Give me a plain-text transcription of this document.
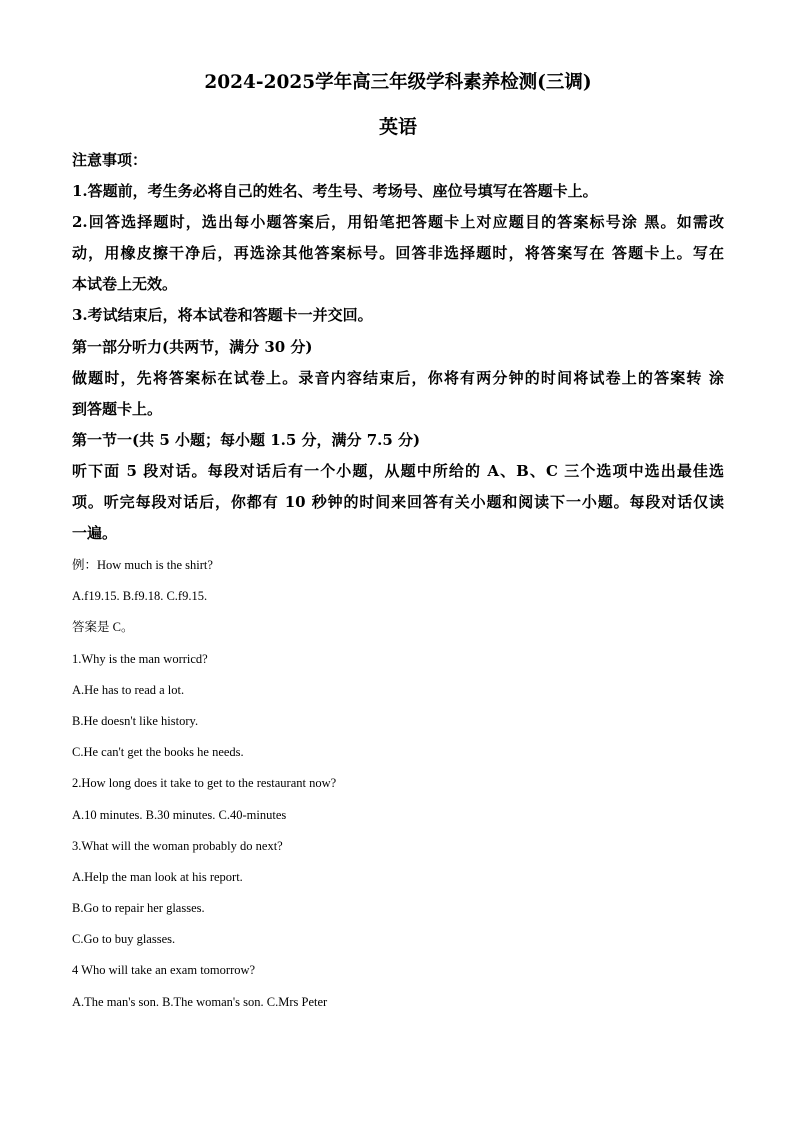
2024-2025学年高三年级学科素养检测(三调)
英语
注意事项：
1.答题前，考生务必将自己的姓名、考生号、考场号、座位号填写在答题卡上。
2.回答选择题时，选出每小题答案后，用铅笔把答题卡上对应题目的答案标号涂 黑。如需改
动，用橡皮擦干净后，再选涂其他答案标号。回答非选择题时，将答案写在 答题卡上。写在
本试卷上无效。
3.考试结束后，将本试卷和答题卡一并交回。
第一部分听力(共两节，满分 30 分)
做题时，先将答案标在试卷上。录音内容结束后，你将有两分钟的时间将试卷上的答案转 涂
到答题卡上。
第一节一(共 5 小题；每小题 1.5 分，满分 7.5 分)
听下面 5 段对话。每段对话后有一个小题，从题中所给的 A、B、C 三个选项中选出最佳选
项。听完每段对话后，你都有 10 秒钟的时间来回答有关小题和阅读下一小题。每段对话仅读
一遍。
例：How much is the shirt?
A.f19.15. B.f9.18. C.f9.15.
答案是 C。
1.Why is the man worricd?
A.He has to read a lot.
B.He doesn't like history.
C.He can't get the books he needs.
2.How long does it take to get to the restaurant now?
A.10 minutes. B.30 minutes. C.40-minutes
3.What will the woman probably do next?
A.Help the man look at his report.
B.Go to repair her glasses.
C.Go to buy glasses.
4 Who will take an exam tomorrow?
A.The man's son. B.The woman's son. C.Mrs Peter
